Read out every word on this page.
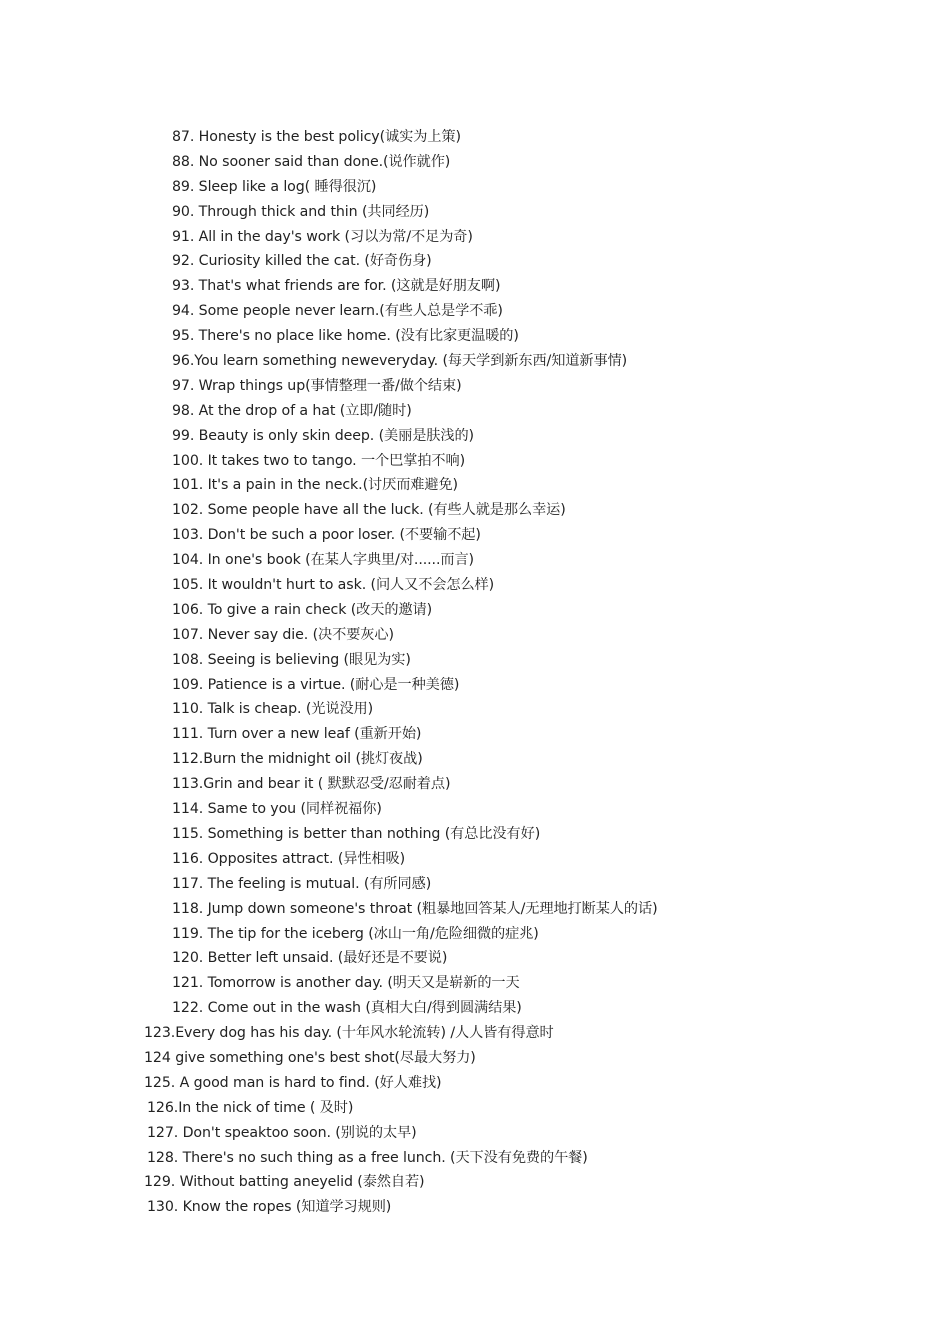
87. Honesty is the best policy(诚实为上策)
88. No sooner said than done.(说作就作)
89. Sleep like a log( 睡得很沉)
90. Through thick and thin (共同经历)
91. All in the day's work (习以为常/不足为奇)
92. Curiosity killed the cat. (好奇伤身)
93. That's what friends are for. (这就是好朋友啊)
94. Some people never learn.(有些人总是学不乖)
95. There's no place like home. (没有比家更温暖的)
96.You learn something neweveryday. (每天学到新东西/知道新事情)
97. Wrap things up(事情整理一番/做个结束)
98. At the drop of a hat (立即/随时)
99. Beauty is only skin deep. (美丽是肤浅的)
100. It takes two to tango. 一个巴掌拍不响)
101. It's a pain in the neck.(讨厌而难避免)
102. Some people have all the luck. (有些人就是那么幸运)
103. Don't be such a poor loser. (不要输不起)
104. In one's book (在某人字典里/对......而言)
105. It wouldn't hurt to ask. (问人又不会怎么样)
106. To give a rain check (改天的邀请)
107. Never say die. (决不要灰心)
108. Seeing is believing (眼见为实)
109. Patience is a virtue. (耐心是一种美德)
110. Talk is cheap. (光说没用)
111. Turn over a new leaf (重新开始)
112.Burn the midnight oil (挑灯夜战)
113.Grin and bear it ( 默默忍受/忍耐着点)
114. Same to you (同样祝福你)
115. Something is better than nothing (有总比没有好)
116. Opposites attract. (异性相吸)
117. The feeling is mutual. (有所同感)
118. Jump down someone's throat (粗暴地回答某人/无理地打断某人的话)
119. The tip for the iceberg (冰山一角/危险细微的症兆)
120. Better left unsaid. (最好还是不要说)
121. Tomorrow is another day. (明天又是崭新的一天
122. Come out in the wash (真相大白/得到圆满结果)
123.Every dog has his day. (十年风水轮流转) /人人皆有得意时
124 give something one's best shot(尽最大努力)
125. A good man is hard to find. (好人难找)
126.In the nick of time ( 及时)
127. Don't speaktoo soon. (别说的太早)
128. There's no such thing as a free lunch. (天下没有免费的午餐)
129. Without batting aneyelid (泰然自若)
130. Know the ropes (知道学习规则)
